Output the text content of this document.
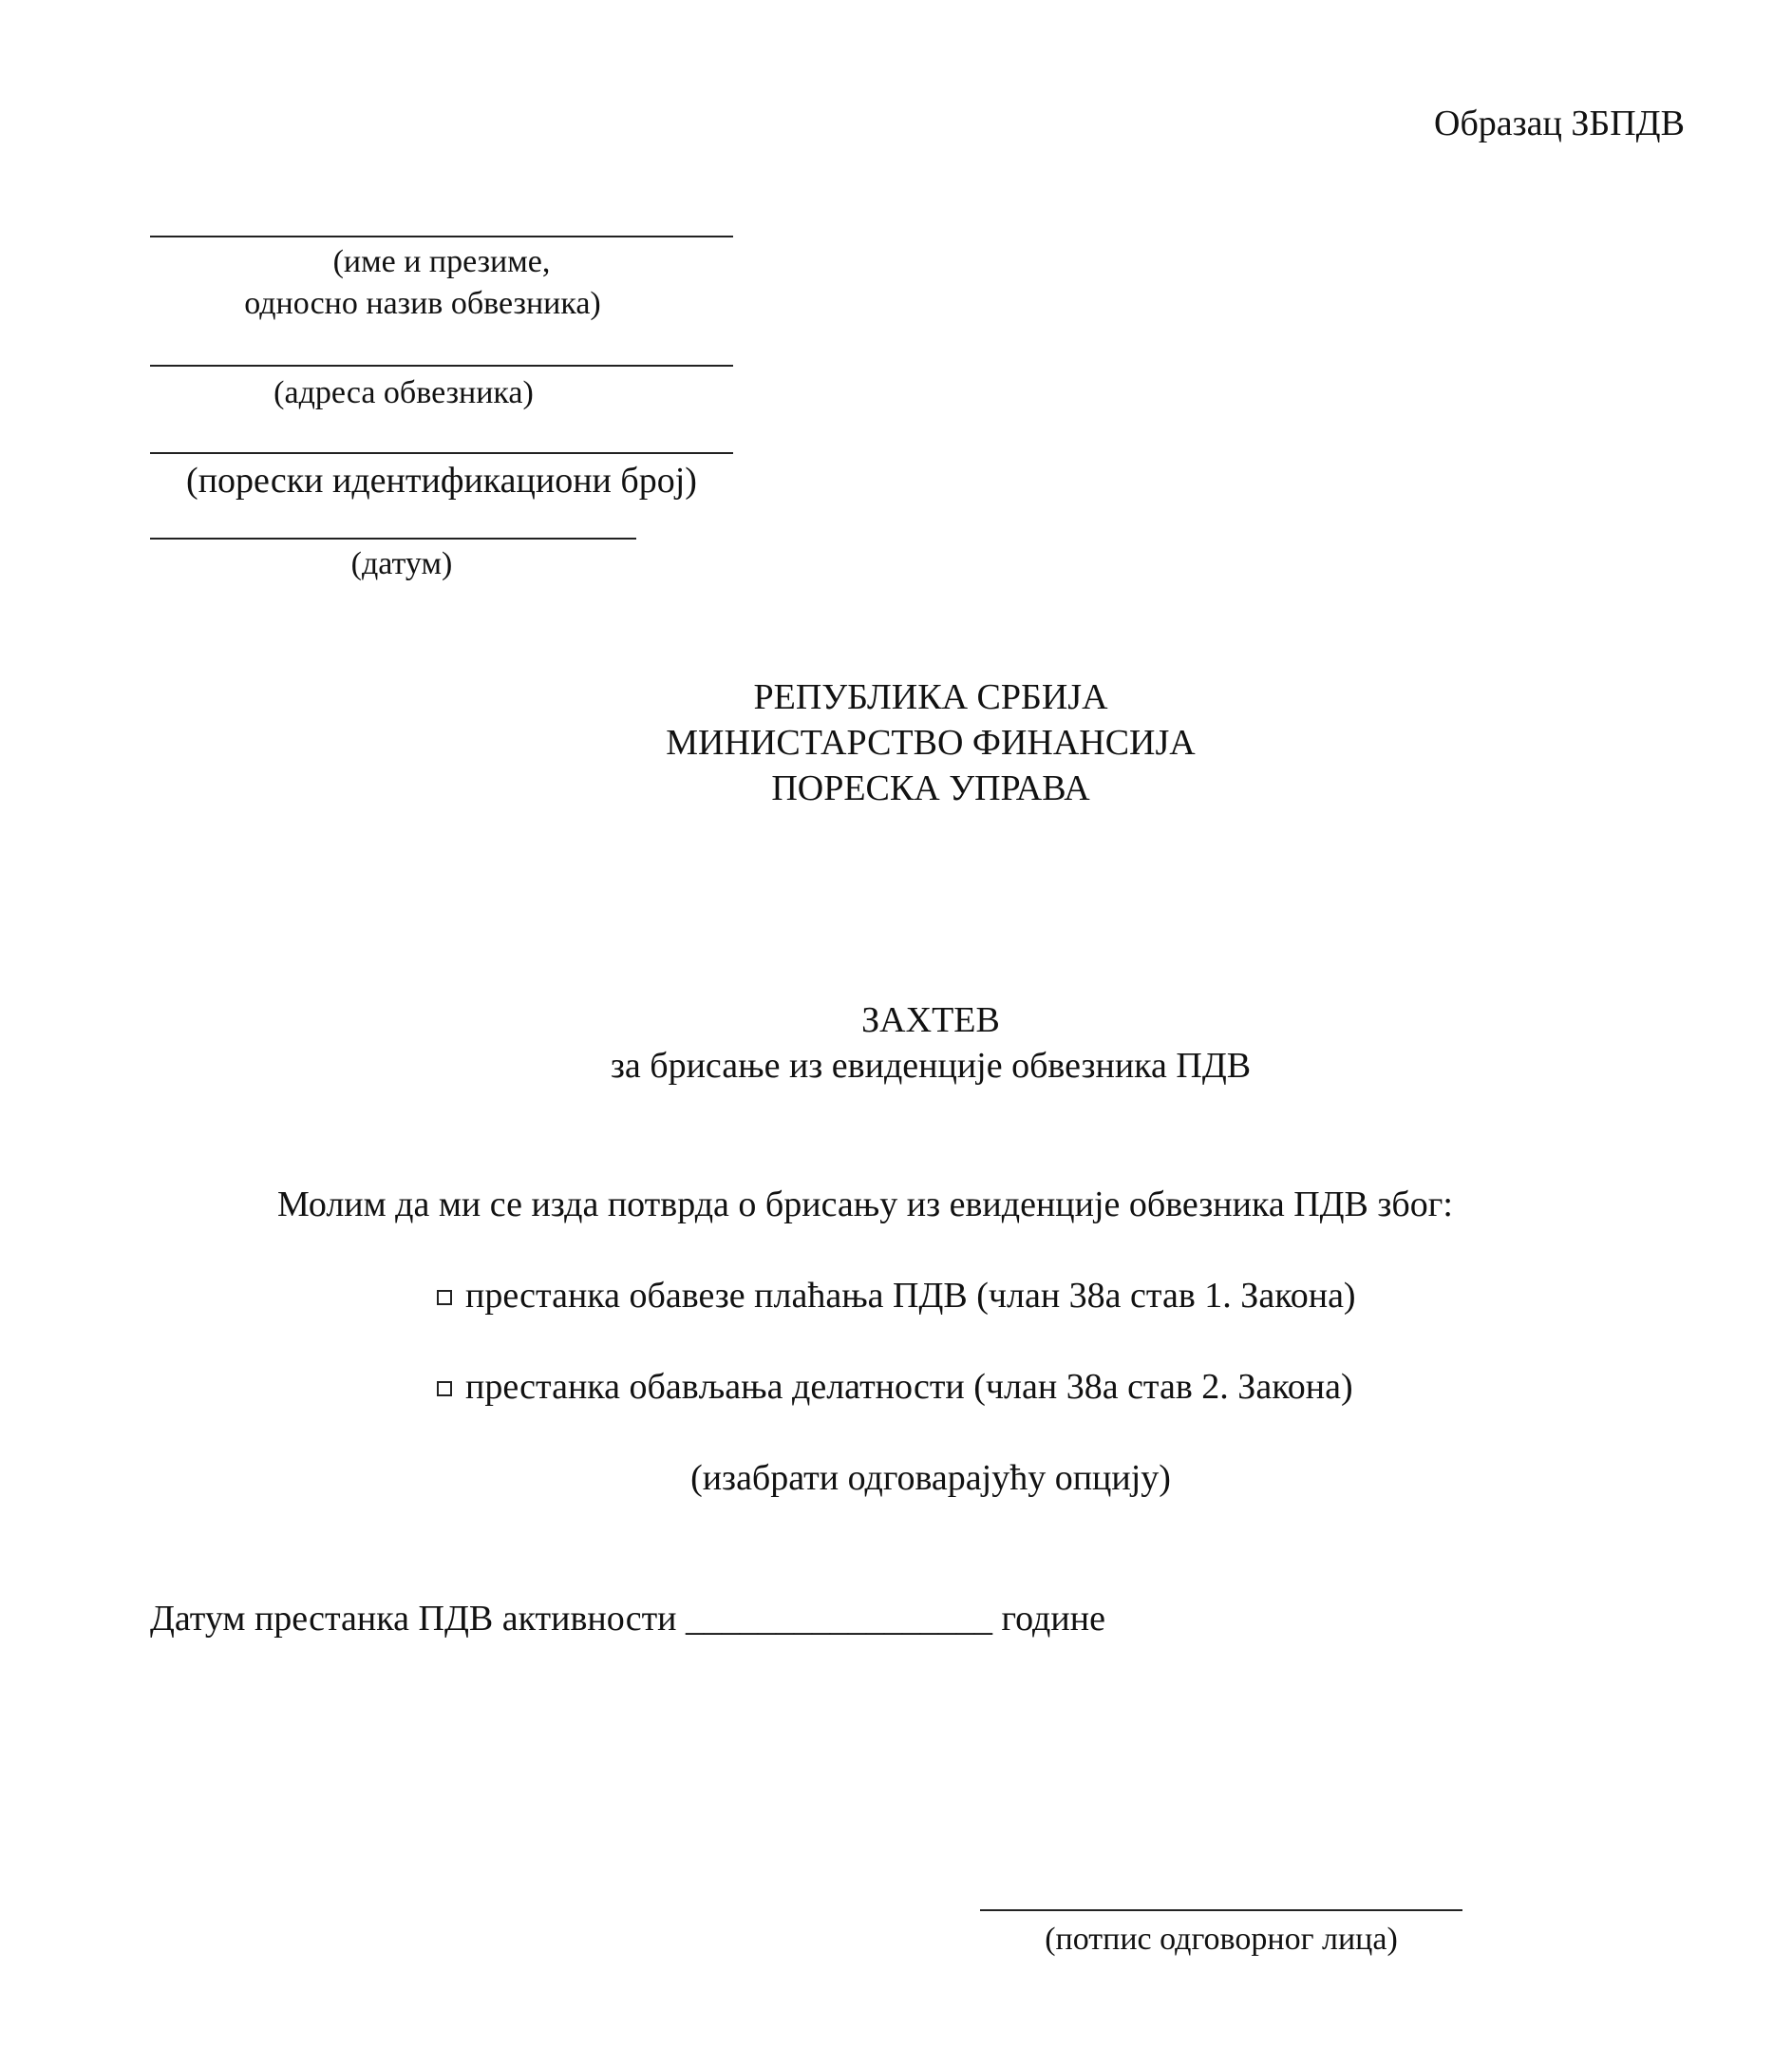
Образац ЗБПДВ
(име и презиме,
односно назив обвезника)
(адреса обвезника)
(порески идентификациони број)
(датум)
РЕПУБЛИКА СРБИЈА
МИНИСТАРСТВО ФИНАНСИЈА
ПОРЕСКА УПРАВА
ЗАХТЕВ
за брисање из евиденције обвезника ПДВ
Молим да ми се изда потврда о брисању из евиденције обвезника ПДВ због:
престанка обавезе плаћања ПДВ (члан 38а став 1. Закона)
престанка обављања делатности (члан 38а став 2. Закона)
(изабрати одговарајућу опцију)
Датум престанка ПДВ активности _________________ године
(потпис одговорног лица)
